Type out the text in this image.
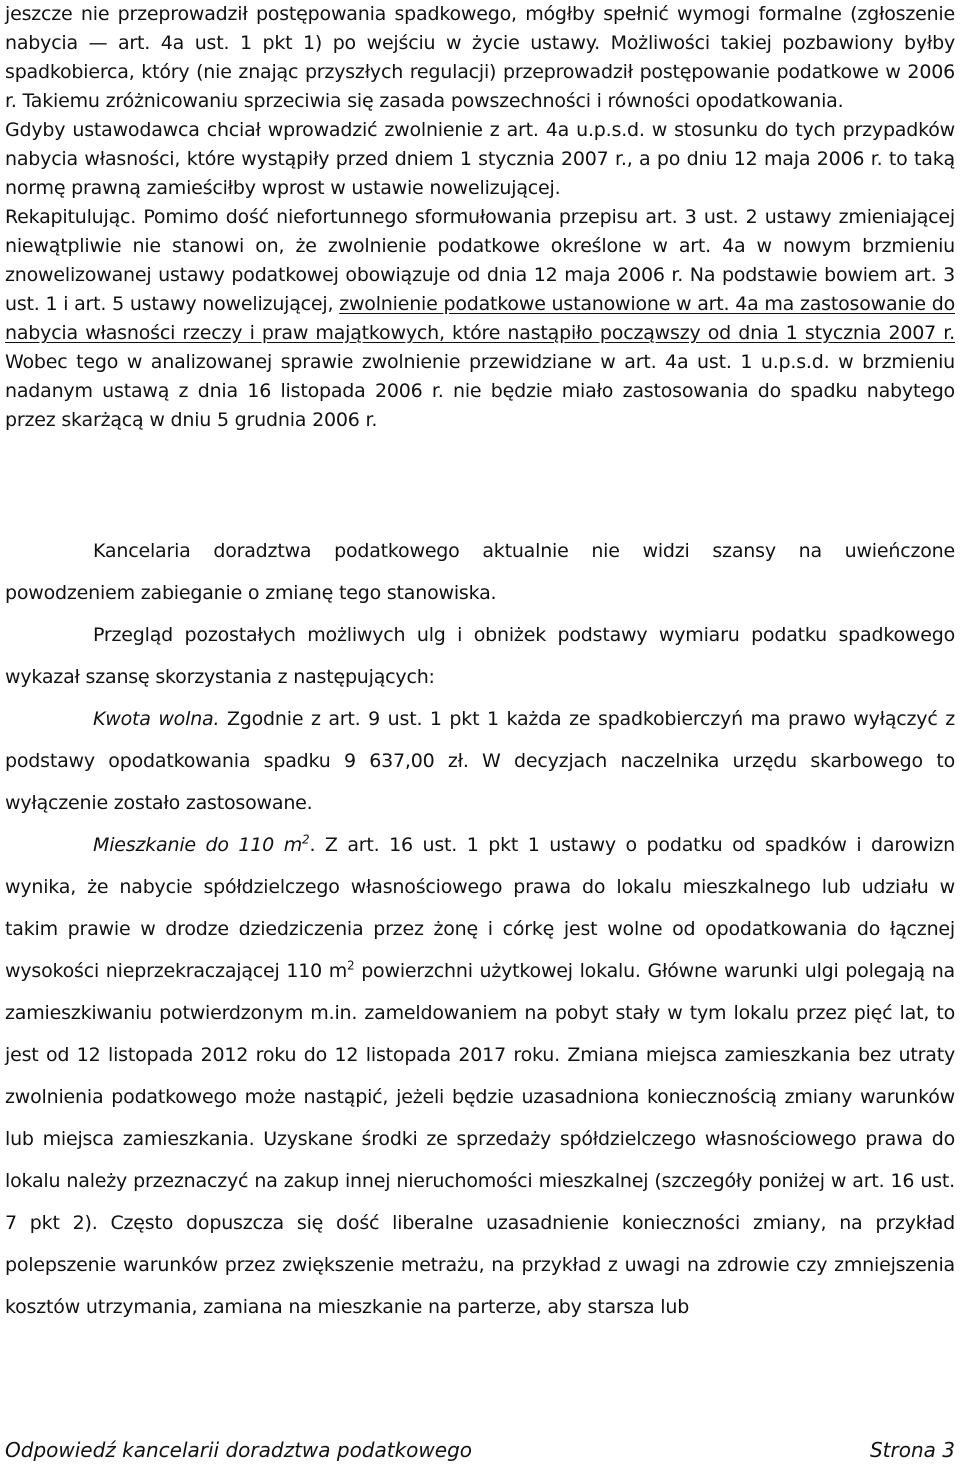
jeszcze nie przeprowadził postępowania spadkowego, mógłby spełnić wymogi formalne (zgłoszenie nabycia — art. 4a ust. 1 pkt 1) po wejściu w życie ustawy. Możliwości takiej pozbawiony byłby spadkobierca, który (nie znając przyszłych regulacji) przeprowadził postępowanie podatkowe w 2006 r. Takiemu zróżnicowaniu sprzeciwia się zasada powszechności i równości opodatkowania.

Gdyby ustawodawca chciał wprowadzić zwolnienie z art. 4a u.p.s.d. w stosunku do tych przypadków nabycia własności, które wystąpiły przed dniem 1 stycznia 2007 r., a po dniu 12 maja 2006 r. to taką normę prawną zamieściłby wprost w ustawie nowelizującej.

Rekapitulując. Pomimo dość niefortunnego sformułowania przepisu art. 3 ust. 2 ustawy zmieniającej niewątpliwie nie stanowi on, że zwolnienie podatkowe określone w art. 4a w nowym brzmieniu znowelizowanej ustawy podatkowej obowiązuje od dnia 12 maja 2006 r. Na podstawie bowiem art. 3 ust. 1 i art. 5 ustawy nowelizującej, zwolnienie podatkowe ustanowione w art. 4a ma zastosowanie do nabycia własności rzeczy i praw majątkowych, które nastąpiło począwszy od dnia 1 stycznia 2007 r. Wobec tego w analizowanej sprawie zwolnienie przewidziane w art. 4a ust. 1 u.p.s.d. w brzmieniu nadanym ustawą z dnia 16 listopada 2006 r. nie będzie miało zastosowania do spadku nabytego przez skarżącą w dniu 5 grudnia 2006 r.

Kancelaria doradztwa podatkowego aktualnie nie widzi szansy na uwieńczone powodzeniem zabieganie o zmianę tego stanowiska.

Przegląd pozostałych możliwych ulg i obniżek podstawy wymiaru podatku spadkowego wykazał szansę skorzystania z następujących:

Kwota wolna. Zgodnie z art. 9 ust. 1 pkt 1 każda ze spadkobierczyń ma prawo wyłączyć z podstawy opodatkowania spadku 9 637,00 zł. W decyzjach naczelnika urzędu skarbowego to wyłączenie zostało zastosowane.

Mieszkanie do 110 $m^2$. Z art. 16 ust. 1 pkt 1 ustawy o podatku od spadków i darowizn wynika, że nabycie spółdzielczego własnościowego prawa do lokalu mieszkalnego lub udziału w takim prawie w drodze dziedziczenia przez żonę i córkę jest wolne od opodatkowania do łącznej wysokości nieprzekraczającej 110 $m^2$ powierzchni użytkowej lokalu. Główne warunki ulgi polegają na zamieszkiwaniu potwierdzonym m.in. zameldowaniem na pobyt stały w tym lokalu przez pięć lat, to jest od 12 listopada 2012 roku do 12 listopada 2017 roku. Zmiana miejsca zamieszkania bez utraty zwolnienia podatkowego może nastąpić, jeżeli będzie uzasadniona koniecznością zmiany warunków lub miejsca zamieszkania. Uzyskane środki ze sprzedaży spółdzielczego własnościowego prawa do lokalu należy przeznaczyć na zakup innej nieruchomości mieszkalnej (szczegóły poniżej w art. 16 ust. 7 pkt 2). Często dopuszcza się dość liberalne uzasadnienie konieczności zmiany, na przykład polepszenie warunków przez zwiększenie metrażu, na przykład z uwagi na zdrowie czy zmniejszenia kosztów utrzymania, zamiana na mieszkanie na parterze, aby starsza lub

Odpowiedź kancelarii doradztwa podatkowego	Strona 3
